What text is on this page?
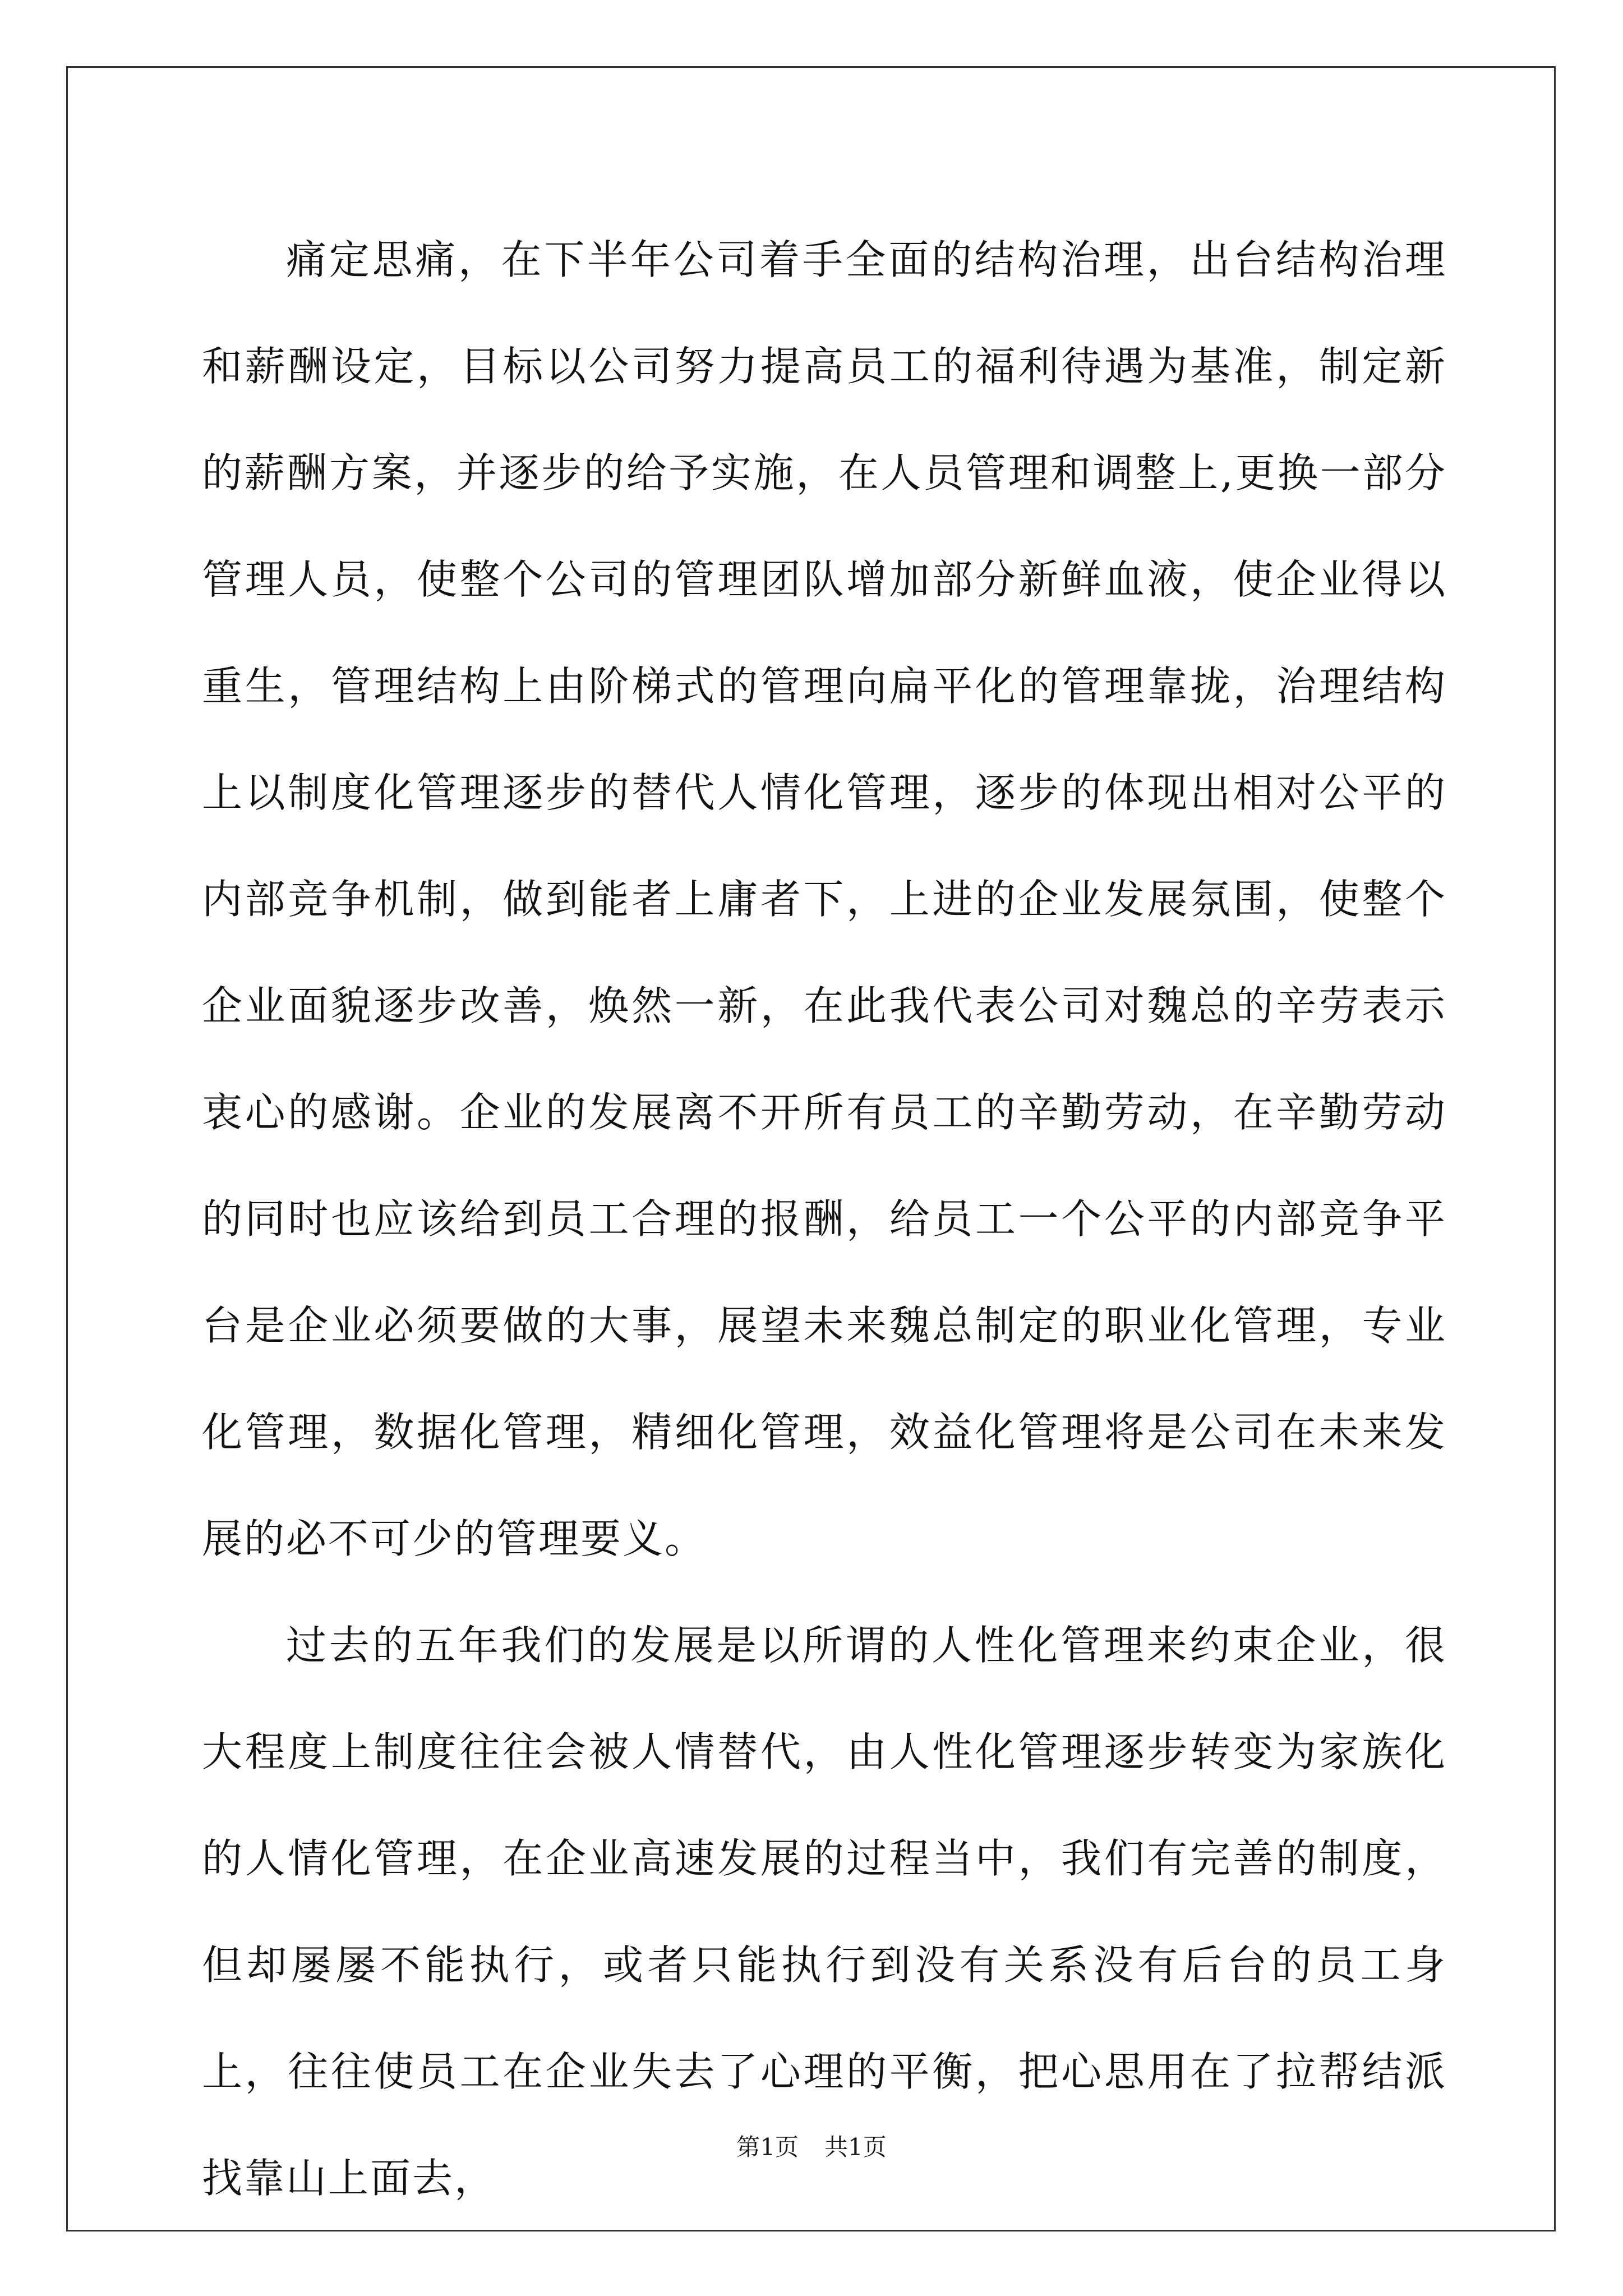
痛定思痛，在下半年公司着手全面的结构治理，出台结构治理和薪酬设定，目标以公司努力提高员工的福利待遇为基准，制定新的薪酬方案，并逐步的给予实施，在人员管理和调整上,更换一部分管理人员，使整个公司的管理团队增加部分新鲜血液，使企业得以重生，管理结构上由阶梯式的管理向扁平化的管理靠拢，治理结构上以制度化管理逐步的替代人情化管理，逐步的体现出相对公平的内部竞争机制，做到能者上庸者下，上进的企业发展氛围，使整个企业面貌逐步改善，焕然一新，在此我代表公司对魏总的辛劳表示衷心的感谢。企业的发展离不开所有员工的辛勤劳动，在辛勤劳动的同时也应该给到员工合理的报酬，给员工一个公平的内部竞争平台是企业必须要做的大事，展望未来魏总制定的职业化管理，专业化管理，数据化管理，精细化管理，效益化管理将是公司在未来发展的必不可少的管理要义。

过去的五年我们的发展是以所谓的人性化管理来约束企业，很大程度上制度往往会被人情替代，由人性化管理逐步转变为家族化的人情化管理，在企业高速发展的过程当中，我们有完善的制度，但却屡屡不能执行，或者只能执行到没有关系没有后台的员工身上，往往使员工在企业失去了心理的平衡，把心思用在了拉帮结派找靠山上面去，

第1页 共1页
